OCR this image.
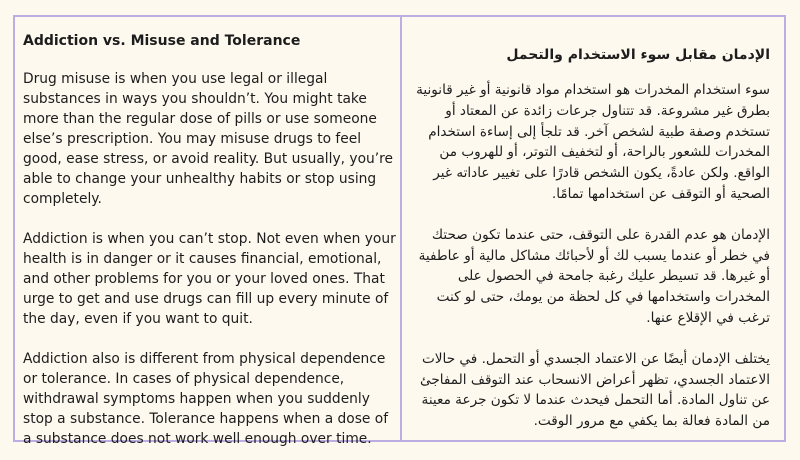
Addiction vs. Misuse and Tolerance

Drug misuse is when you use legal or illegal substances in ways you shouldn’t. You might take more than the regular dose of pills or use someone else’s prescription. You may misuse drugs to feel good, ease stress, or avoid reality. But usually, you’re able to change your unhealthy habits or stop using completely.

Addiction is when you can’t stop. Not even when your health is in danger or it causes financial, emotional, and other problems for you or your loved ones. That urge to get and use drugs can fill up every minute of the day, even if you want to quit.

Addiction also is different from physical dependence or tolerance. In cases of physical dependence, withdrawal symptoms happen when you suddenly stop a substance. Tolerance happens when a dose of a substance does not work well enough over time.

الإدمان مقابل سوء الاستخدام والتحمل

سوء استخدام المخدرات هو استخدام مواد قانونية أو غير قانونية بطرق غير مشروعة. قد تتناول جرعات زائدة عن المعتاد أو تستخدم وصفة طبية لشخص آخر. قد تلجأ إلى إساءة استخدام المخدرات للشعور بالراحة، أو لتخفيف التوتر، أو للهروب من الواقع. ولكن عادةً، يكون الشخص قادرًا على تغيير عاداته غير الصحية أو التوقف عن استخدامها تمامًا.

الإدمان هو عدم القدرة على التوقف، حتى عندما تكون صحتك في خطر أو عندما يسبب لك أو لأحبائك مشاكل مالية أو عاطفية أو غيرها. قد تسيطر عليك رغبة جامحة في الحصول على المخدرات واستخدامها في كل لحظة من يومك، حتى لو كنت ترغب في الإقلاع عنها.

يختلف الإدمان أيضًا عن الاعتماد الجسدي أو التحمل. في حالات الاعتماد الجسدي، تظهر أعراض الانسحاب عند التوقف المفاجئ عن تناول المادة. أما التحمل فيحدث عندما لا تكون جرعة معينة من المادة فعالة بما يكفي مع مرور الوقت.
